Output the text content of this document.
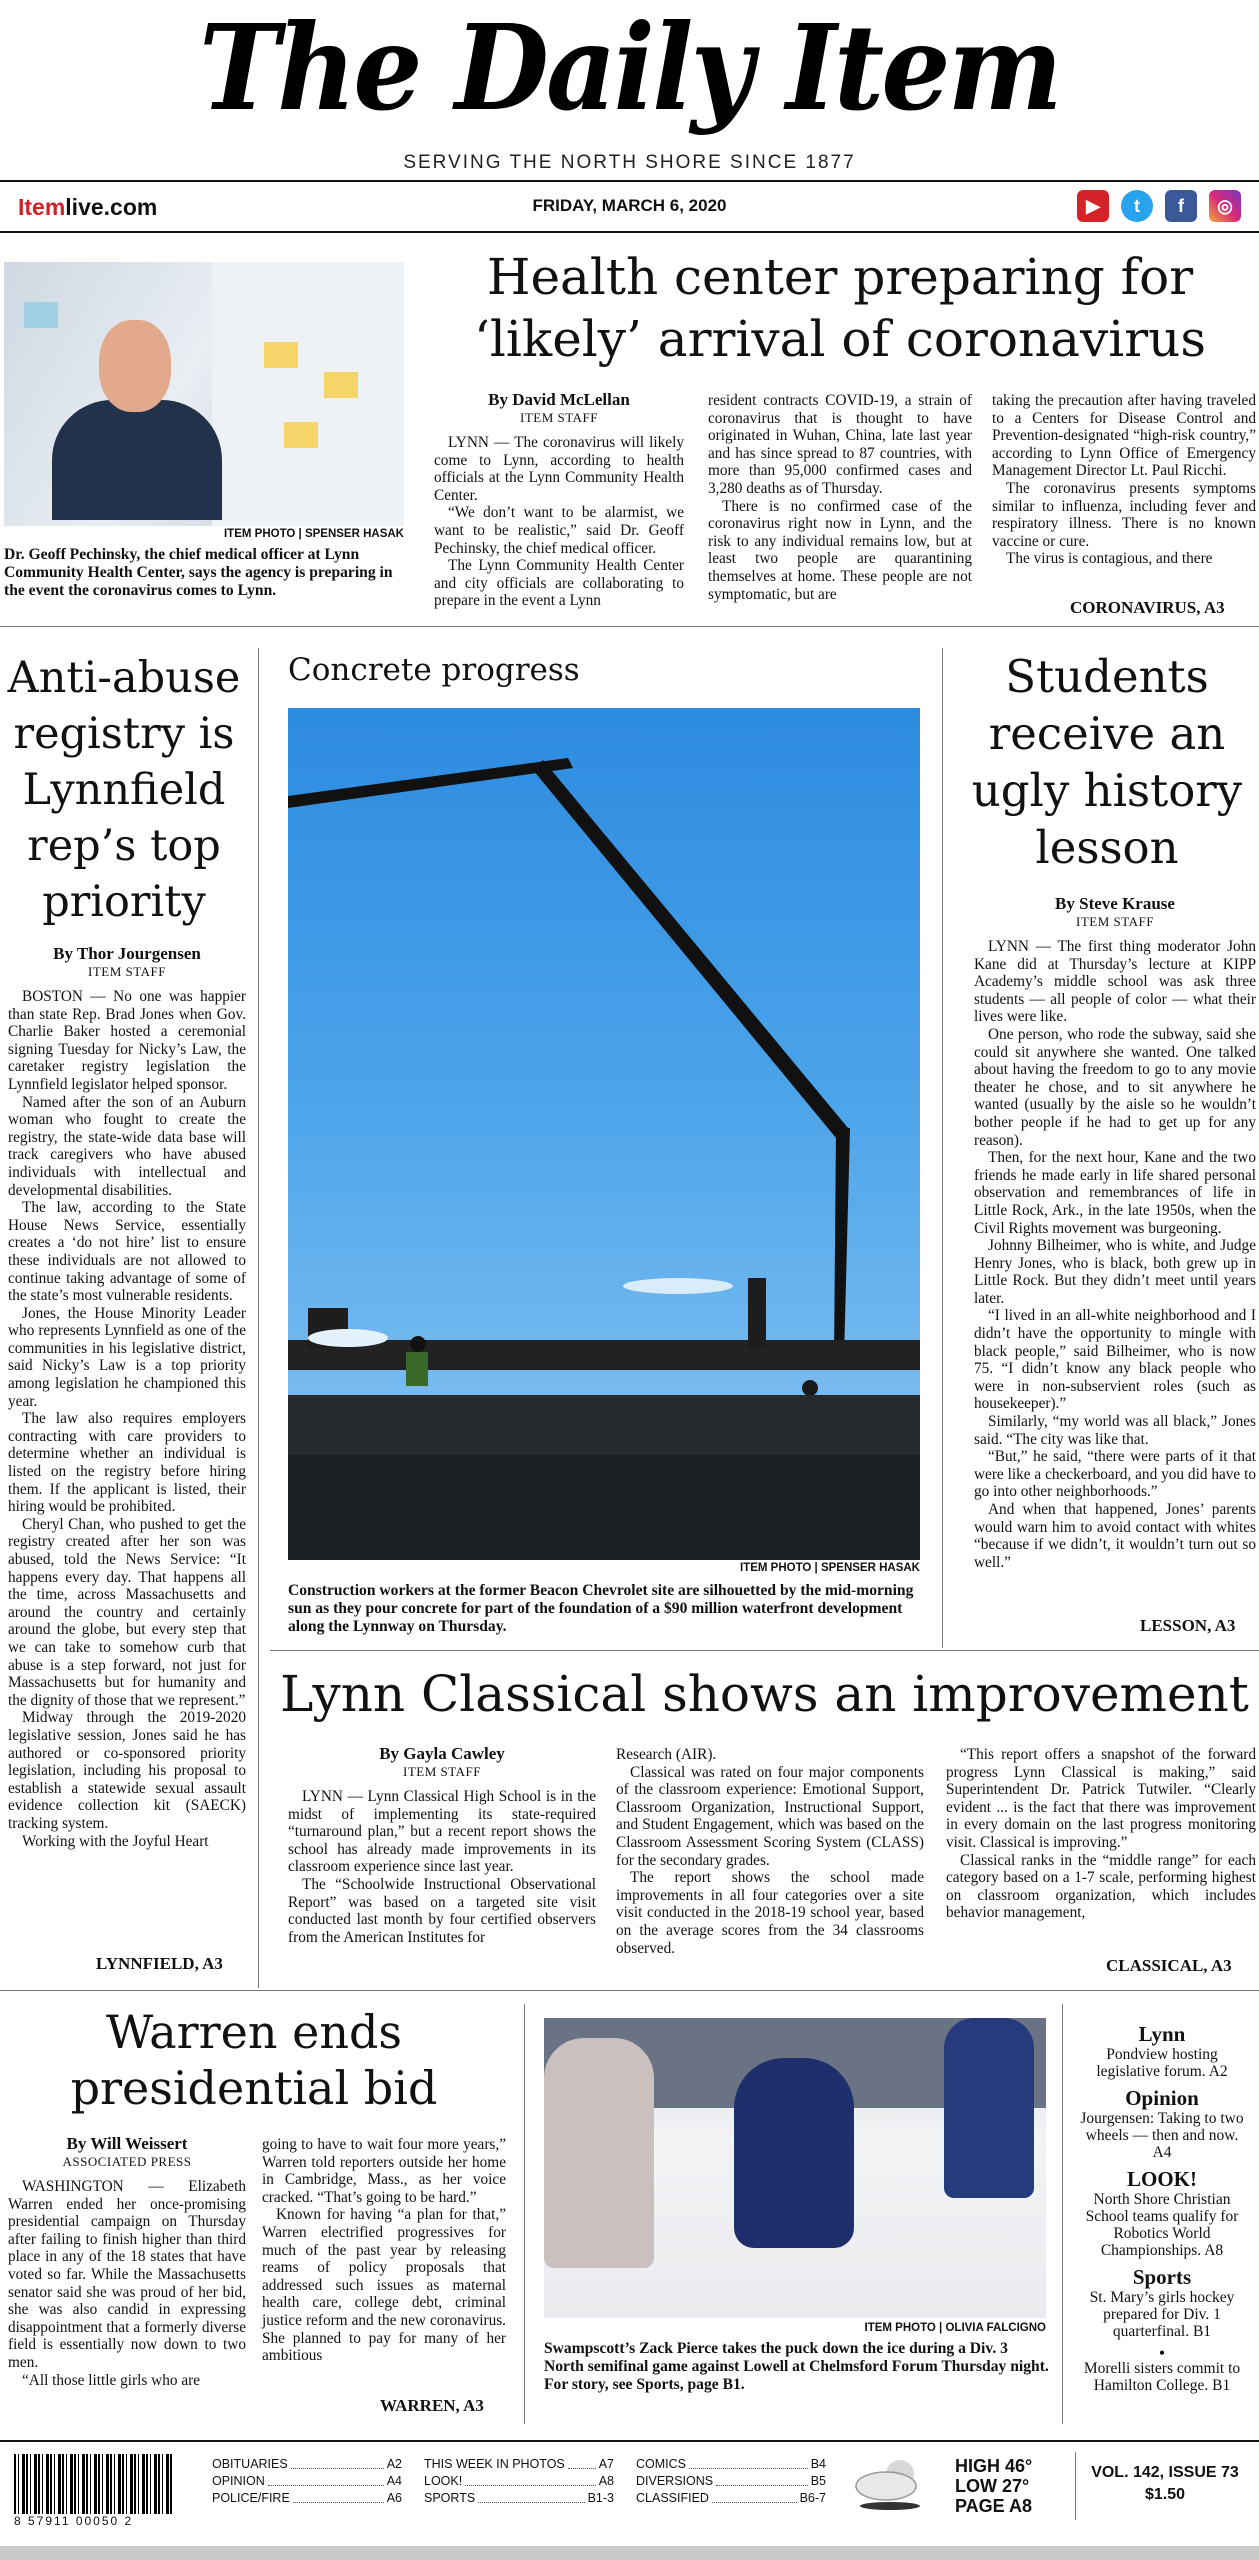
The Daily Item
SERVING THE NORTH SHORE SINCE 1877
Itemlive.com	FRIDAY, MARCH 6, 2020	▶	t	f	◎
ITEM PHOTO | SPENSER HASAK
Dr. Geoff Pechinsky, the chief medical officer at Lynn Community Health Center, says the agency is preparing in the event the coronavirus comes to Lynn.
Health center preparing for
‘likely’ arrival of coronavirus
By David McLellan
ITEM STAFF

LYNN — The coronavirus will likely come to Lynn, according to health officials at the Lynn Community Health Center.

“We don’t want to be alarmist, we want to be realistic,” said Dr. Geoff Pechinsky, the chief medical officer.

The Lynn Community Health Center and city officials are collaborating to prepare in the event a Lynn

resident contracts COVID-19, a strain of coronavirus that is thought to have originated in Wuhan, China, late last year and has since spread to 87 countries, with more than 95,000 confirmed cases and 3,280 deaths as of Thursday.

There is no confirmed case of the coronavirus right now in Lynn, and the risk to any individual remains low, but at least two people are quarantining themselves at home. These people are not symptomatic, but are

taking the precaution after having traveled to a Centers for Disease Control and Prevention-designated “high-risk country,” according to Lynn Office of Emergency Management Director Lt. Paul Ricchi.

The coronavirus presents symptoms similar to influenza, including fever and respiratory illness. There is no known vaccine or cure.

The virus is contagious, and there

CORONAVIRUS, A3
Anti-abuse registry is Lynnfield rep’s top priority
By Thor Jourgensen
ITEM STAFF

BOSTON — No one was happier than state Rep. Brad Jones when Gov. Charlie Baker hosted a ceremonial signing Tuesday for Nicky’s Law, the caretaker registry legislation the Lynnfield legislator helped sponsor.

Named after the son of an Auburn woman who fought to create the registry, the state-wide data base will track caregivers who have abused individuals with intellectual and developmental disabilities.

The law, according to the State House News Service, essentially creates a ‘do not hire’ list to ensure these individuals are not allowed to continue taking advantage of some of the state’s most vulnerable residents.

Jones, the House Minority Leader who represents Lynnfield as one of the communities in his legislative district, said Nicky’s Law is a top priority among legislation he championed this year.

The law also requires employers contracting with care providers to determine whether an individual is listed on the registry before hiring them. If the applicant is listed, their hiring would be prohibited.

Cheryl Chan, who pushed to get the registry created after her son was abused, told the News Service: “It happens every day. That happens all the time, across Massachusetts and around the country and certainly around the globe, but every step that we can take to somehow curb that abuse is a step forward, not just for Massachusetts but for humanity and the dignity of those that we represent.”

Midway through the 2019-2020 legislative session, Jones said he has authored or co-sponsored priority legislation, including his proposal to establish a statewide sexual assault evidence collection kit (SAECK) tracking system.

Working with the Joyful Heart

LYNNFIELD, A3
Concrete progress
ITEM PHOTO | SPENSER HASAK
Construction workers at the former Beacon Chevrolet site are silhouetted by the mid-morning sun as they pour concrete for part of the foundation of a $90 million waterfront development along the Lynnway on Thursday.
Students receive an ugly history lesson
By Steve Krause
ITEM STAFF

LYNN — The first thing moderator John Kane did at Thursday’s lecture at KIPP Academy’s middle school was ask three students — all people of color — what their lives were like.

One person, who rode the subway, said she could sit anywhere she wanted. One talked about having the freedom to go to any movie theater he chose, and to sit anywhere he wanted (usually by the aisle so he wouldn’t bother people if he had to get up for any reason).

Then, for the next hour, Kane and the two friends he made early in life shared personal observation and remembrances of life in Little Rock, Ark., in the late 1950s, when the Civil Rights movement was burgeoning.

Johnny Bilheimer, who is white, and Judge Henry Jones, who is black, both grew up in Little Rock. But they didn’t meet until years later.

“I lived in an all-white neighborhood and I didn’t have the opportunity to mingle with black people,” said Bilheimer, who is now 75. “I didn’t know any black people who were in non-subservient roles (such as housekeeper).”

Similarly, “my world was all black,” Jones said. “The city was like that.

“But,” he said, “there were parts of it that were like a checkerboard, and you did have to go into other neighborhoods.”

And when that happened, Jones’ parents would warn him to avoid contact with whites “because if we didn’t, it wouldn’t turn out so well.”

LESSON, A3
Lynn Classical shows an improvement
By Gayla Cawley
ITEM STAFF

LYNN — Lynn Classical High School is in the midst of implementing its state-required “turnaround plan,” but a recent report shows the school has already made improvements in its classroom experience since last year.

The “Schoolwide Instructional Observational Report” was based on a targeted site visit conducted last month by four certified observers from the American Institutes for

Research (AIR).

Classical was rated on four major components of the classroom experience: Emotional Support, Classroom Organization, Instructional Support, and Student Engagement, which was based on the Classroom Assessment Scoring System (CLASS) for the secondary grades.

The report shows the school made improvements in all four categories over a site visit conducted in the 2018-19 school year, based on the average scores from the 34 classrooms observed.

“This report offers a snapshot of the forward progress Lynn Classical is making,” said Superintendent Dr. Patrick Tutwiler. “Clearly evident ... is the fact that there was improvement in every domain on the last progress monitoring visit. Classical is improving.”

Classical ranks in the “middle range” for each category based on a 1-7 scale, performing highest on classroom organization, which includes behavior management,

CLASSICAL, A3
Warren ends
presidential bid
By Will Weissert
ASSOCIATED PRESS

WASHINGTON — Elizabeth Warren ended her once-promising presidential campaign on Thursday after failing to finish higher than third place in any of the 18 states that have voted so far. While the Massachusetts senator said she was proud of her bid, she was also candid in expressing disappointment that a formerly diverse field is essentially now down to two men.

“All those little girls who are

going to have to wait four more years,” Warren told reporters outside her home in Cambridge, Mass., as her voice cracked. “That’s going to be hard.”

Known for having “a plan for that,” Warren electrified progressives for much of the past year by releasing reams of policy proposals that addressed such issues as maternal health care, college debt, criminal justice reform and the new coronavirus. She planned to pay for many of her ambitious

WARREN, A3
ITEM PHOTO | OLIVIA FALCIGNO
Swampscott’s Zack Pierce takes the puck down the ice during a Div. 3 North semifinal game against Lowell at Chelmsford Forum Thursday night. For story, see Sports, page B1.
Lynn
Pondview hosting legislative forum. A2
Opinion
Jourgensen: Taking to two wheels — then and now. A4
LOOK!
North Shore Christian School teams qualify for Robotics World Championships. A8
Sports
St. Mary’s girls hockey prepared for Div. 1 quarterfinal. B1
•
Morelli sisters commit to Hamilton College. B1
8 57911 00050 2
OBITUARIES	A2
OPINION	A4
POLICE/FIRE	A6
THIS WEEK IN PHOTOS	A7
LOOK!	A8
SPORTS	B1-3
COMICS	B4
DIVERSIONS	B5
CLASSIFIED	B6-7
HIGH 46°
LOW 27°
PAGE A8
VOL. 142, ISSUE 73
$1.50
